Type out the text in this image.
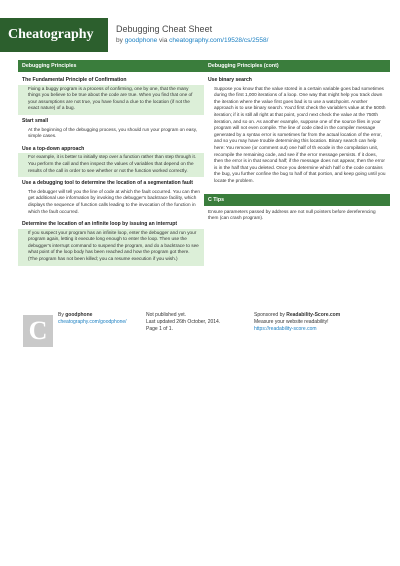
Cheatography	Debugging Cheat Sheet
by goodphone via cheatography.com/19528/cs/2558/
Debugging Principles
The Fundamental Principle of Confirmation
Fixing a buggy program is a process of confirming, one by one, that the many things you believe to be true about the code are true. When you find that one of your assumptions are not true, you have found a clue to the location (if not the exact nature) of a bug.
Start small
At the beginning of the debugging process, you should run your program on easy, simple cases.
Use a top-down approach
For example, it is better to initially step over a function rather than step through it. You perform the call and then inspect the values of variables that depend on the results of the call in order to see whether or not the function worked correctly.
Use a debugging tool to determine the location of a segmentation fault
The debugger will tell you the line of code at which the fault occurred. You can then get additional use information by invoking the debugger's backtrace facility, which displays the sequence of function calls leading to the invocation of the function in which the fault occurred.
Determine the location of an infinite loop by issuing an interrupt
If you suspect your program has an infinite loop, enter the debugger and run your program again, letting it execute long enough to enter the loop. Then use the debugger's interrupt command to suspend the program, and do a backtrace to see what point of the loop body has been reached and how the program got there. (The program has not been killed; you ca resume execution if you wish.)
Debugging Principles (cont)
Use binary search
Suppose you know that the value stored in a certain variable goes bad sometimes during the first 1,000 iterations of a loop. One way that might help you track down the iteration where the value first goes bad is to use a watchpoint. Another approach is to use binary search. You'd first check the variable's value at the 500th iteration; if it is still all right at that point, you'd next check the value at the 750th iteration, and so on. As another example, suppose one of the source files in your program will not even compile. The line of code cited in the compiler message generated by a syntax error is sometimes far from the actual location of the error, and so you may have trouble determining this location. Binary search can help here: You remove (or comment out) one half of th ecode in the compilation unit, recompile the remaining code, and see if the error message persists. If it does, then the error is in that second half; if the message does not appear, then the error is in the half that you deleted. Once you determine which half o the code contains the bug, you further confine the bug to half of that portion, and keep going until you locate the problem.
C Tips
Ensure parameters passed by address are not null pointers before dereferencing them (can crash program).
C
By goodphone
cheatography.com/goodphone/
Not published yet.
Last updated 26th October, 2014.
Page 1 of 1.
Sponsored by Readability-Score.com
Measure your website readability!
https://readability-score.com
